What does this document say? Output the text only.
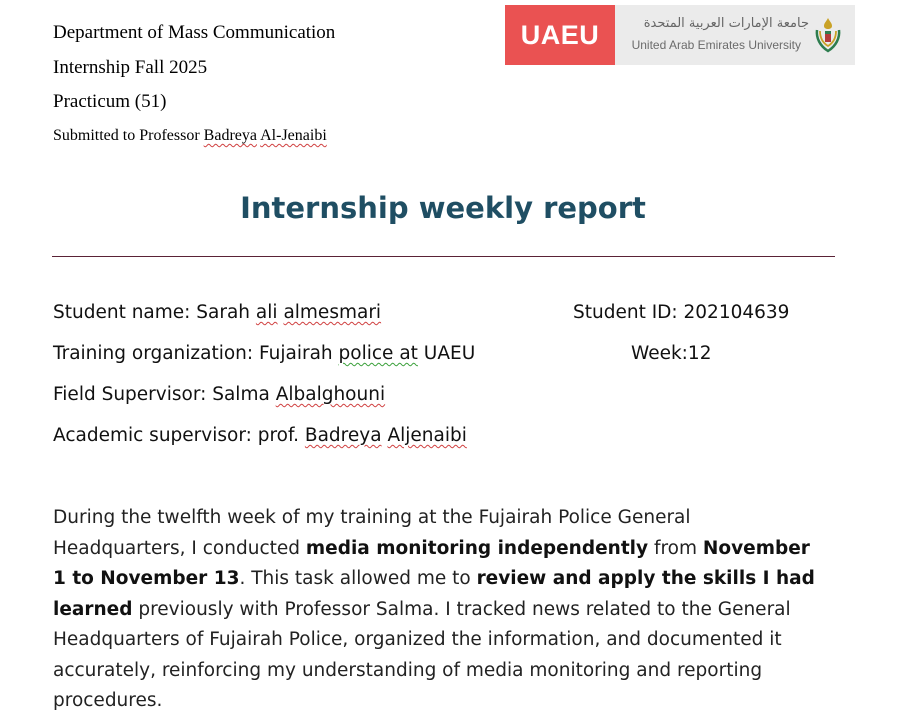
Department of Mass Communication
Internship Fall 2025
Practicum (51)
Submitted to Professor Badreya Al-Jenaibi
UAEU	جامعة الإمارات العربية المتحدة
United Arab Emirates University
Internship weekly report
Student name: Sarah ali almesmari	Student ID: 202104639
Training organization: Fujairah police at UAEU	Week:12
Field Supervisor: Salma Albalghouni
Academic supervisor: prof. Badreya Aljenaibi
During the twelfth week of my training at the Fujairah Police General Headquarters, I conducted media monitoring independently from November 1 to November 13. This task allowed me to review and apply the skills I had learned previously with Professor Salma. I tracked news related to the General Headquarters of Fujairah Police, organized the information, and documented it accurately, reinforcing my understanding of media monitoring and reporting procedures.
